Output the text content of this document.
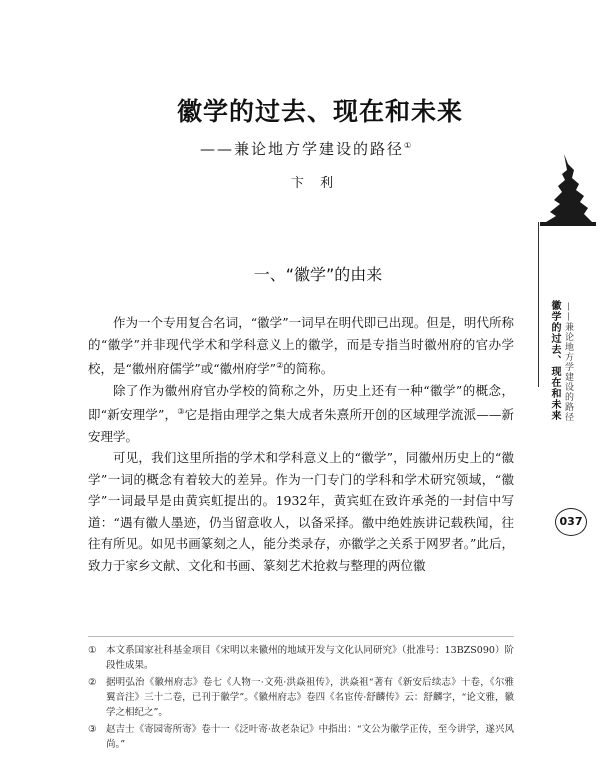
徽学的过去、现在和未来
——兼论地方学建设的路径①
卞 利
一、“徽学”的由来

作为一个专用复合名词，“徽学”一词早在明代即已出现。但是，明代所称的“徽学”并非现代学术和学科意义上的徽学，而是专指当时徽州府的官办学校，是“徽州府儒学”或“徽州府学”②的简称。

除了作为徽州府官办学校的简称之外，历史上还有一种“徽学”的概念，即“新安理学”，③它是指由理学之集大成者朱熹所开创的区域理学流派——新安理学。

可见，我们这里所指的学术和学科意义上的“徽学”，同徽州历史上的“徽学”一词的概念有着较大的差异。作为一门专门的学科和学术研究领域，“徽学”一词最早是由黄宾虹提出的。1932年，黄宾虹在致许承尧的一封信中写道：“遇有徽人墨迹，仍当留意收人，以备采择。徽中绝姓族讲记载秩闻，往往有所见。如见书画篆刻之人，能分类录存，亦徽学之关系于网罗者。”此后，致力于家乡文献、文化和书画、篆刻艺术抢救与整理的两位徽

① 本文系国家社科基金项目《宋明以来徽州的地域开发与文化认同研究》（批准号：13BZS090）阶段性成果。

② 据明弘治《徽州府志》卷七《人物一·文苑·洪焱祖传》，洪焱祖“著有《新安后续志》十卷，《尔雅翼音注》三十二卷，已刊于徽学”。《徽州府志》卷四《名宦传·舒麟传》云：舒麟字，“论文雅，徽学之相纪之”。

③ 赵吉士《寄园寄所寄》卷十一《泛叶寄·故老杂记》中指出：“文公为徽学正传，至今讲学，遂兴风尚。”

徽学的过去、现在和未来 ——兼论地方学建设的路径
037
